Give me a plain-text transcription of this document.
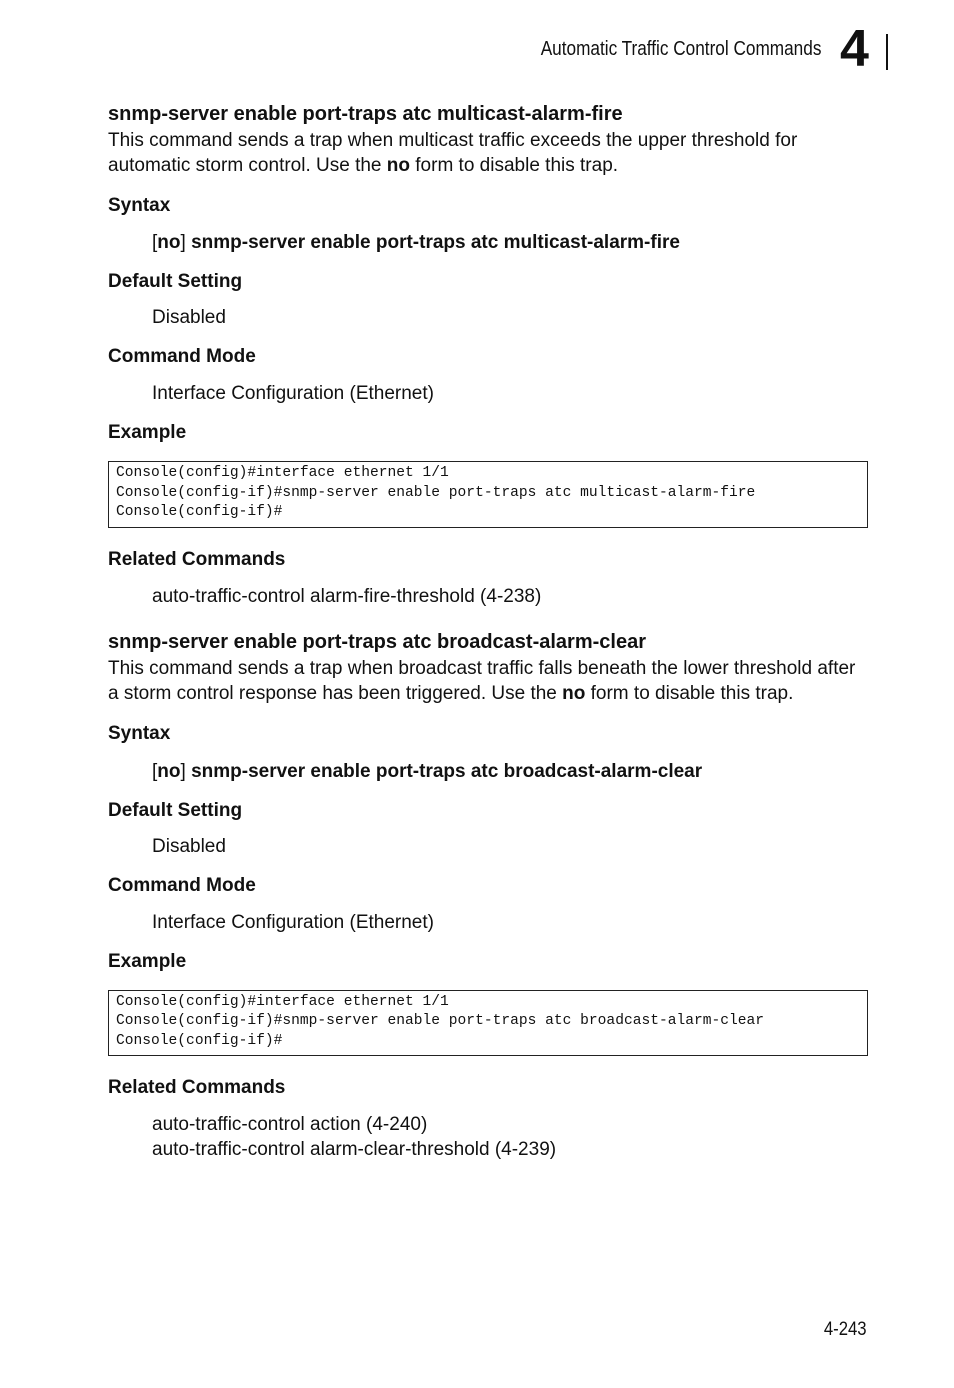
Automatic Traffic Control Commands 4
snmp-server enable port-traps atc multicast-alarm-fire

This command sends a trap when multicast traffic exceeds the upper threshold for automatic storm control. Use the no form to disable this trap.

Syntax
[no] snmp-server enable port-traps atc multicast-alarm-fire
Default Setting
Disabled
Command Mode
Interface Configuration (Ethernet)
Example
Console(config)#interface ethernet 1/1
Console(config-if)#snmp-server enable port-traps atc multicast-alarm-fire
Console(config-if)#
Related Commands
auto-traffic-control alarm-fire-threshold (4-238)
snmp-server enable port-traps atc broadcast-alarm-clear

This command sends a trap when broadcast traffic falls beneath the lower threshold after a storm control response has been triggered. Use the no form to disable this trap.

Syntax
[no] snmp-server enable port-traps atc broadcast-alarm-clear
Default Setting
Disabled
Command Mode
Interface Configuration (Ethernet)
Example
Console(config)#interface ethernet 1/1
Console(config-if)#snmp-server enable port-traps atc broadcast-alarm-clear
Console(config-if)#
Related Commands
auto-traffic-control action (4-240)
auto-traffic-control alarm-clear-threshold (4-239)
4-243
